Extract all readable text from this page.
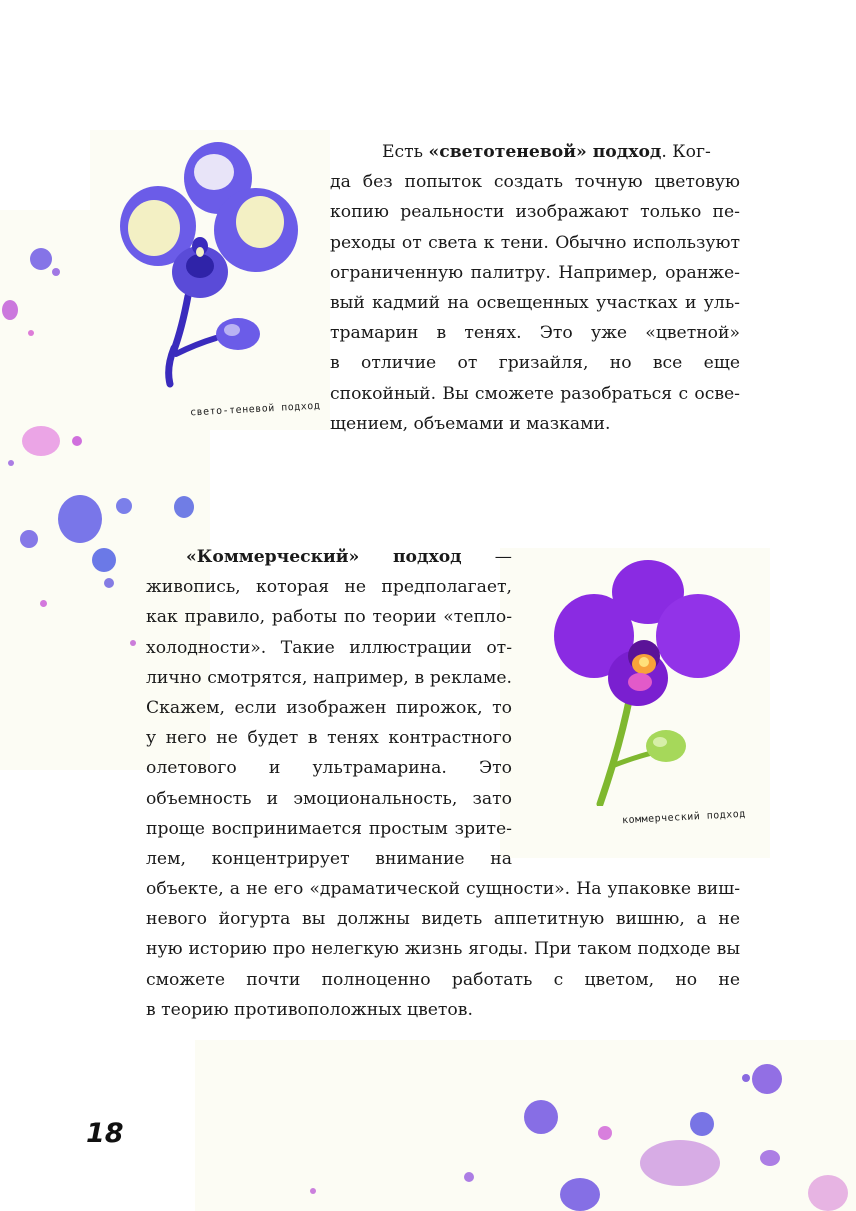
свето-теневой подход
коммерческий подход
Есть «светотеневой» подход. Ког-
да без попыток создать точную цветовую
копию реальности изображают только пе-
реходы от света к тени. Обычно используют
ограниченную палитру. Например, оранже-
вый кадмий на освещенных участках и уль-
трамарин в тенях. Это уже «цветной»
в отличие от гризайля, но все еще
спокойный. Вы сможете разобраться с осве-
щением, объемами и мазками.
«Коммерческий» подход —
живопись, которая не предполагает,
как правило, работы по теории «тепло-
холодности». Такие иллюстрации от-
лично смотрятся, например, в рекламе.
Скажем, если изображен пирожок, то
у него не будет в тенях контрастного
олетового и ультрамарина. Это
объемность и эмоциональность, зато
проще воспринимается простым зрите-
лем, концентрирует внимание на
объекте, а не его «драматической сущности». На упаковке виш-
невого йогурта вы должны видеть аппетитную вишню, а не
ную историю про нелегкую жизнь ягоды. При таком подходе вы
сможете почти полноценно работать с цветом, но не
в теорию противоположных цветов.
18
